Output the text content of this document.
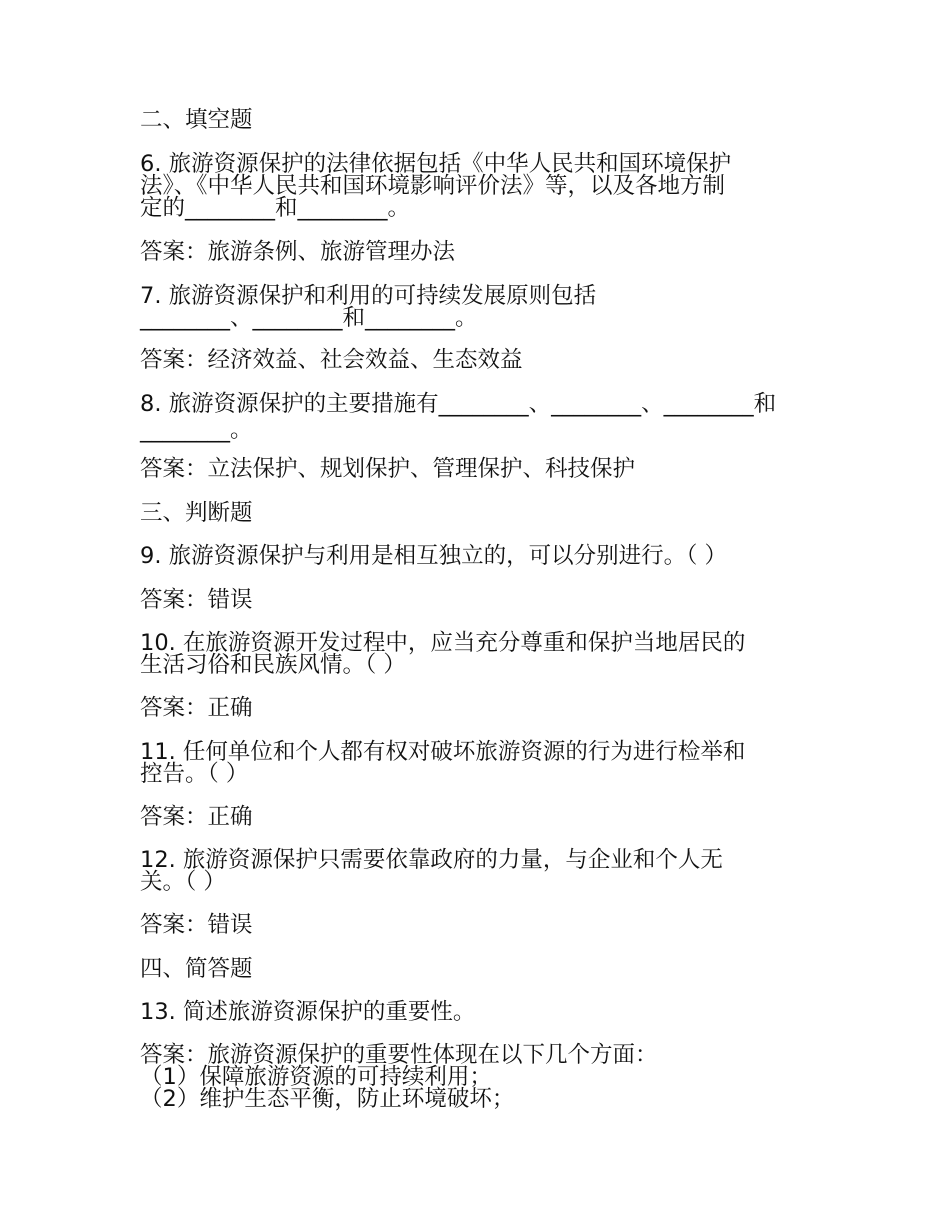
二、填空题
6. 旅游资源保护的法律依据包括《中华人民共和国环境保护
法》、《中华人民共和国环境影响评价法》等，以及各地方制
定的________和________。
答案：旅游条例、旅游管理办法
7. 旅游资源保护和利用的可持续发展原则包括
________、________和________。
答案：经济效益、社会效益、生态效益
8. 旅游资源保护的主要措施有________、________、________和
________。
答案：立法保护、规划保护、管理保护、科技保护
三、判断题
9. 旅游资源保护与利用是相互独立的，可以分别进行。（ ）
答案：错误
10. 在旅游资源开发过程中，应当充分尊重和保护当地居民的
生活习俗和民族风情。（ ）
答案：正确
11. 任何单位和个人都有权对破坏旅游资源的行为进行检举和
控告。（ ）
答案：正确
12. 旅游资源保护只需要依靠政府的力量，与企业和个人无
关。（ ）
答案：错误
四、简答题
13. 简述旅游资源保护的重要性。
答案：旅游资源保护的重要性体现在以下几个方面：
（1）保障旅游资源的可持续利用；
（2）维护生态平衡，防止环境破坏；
